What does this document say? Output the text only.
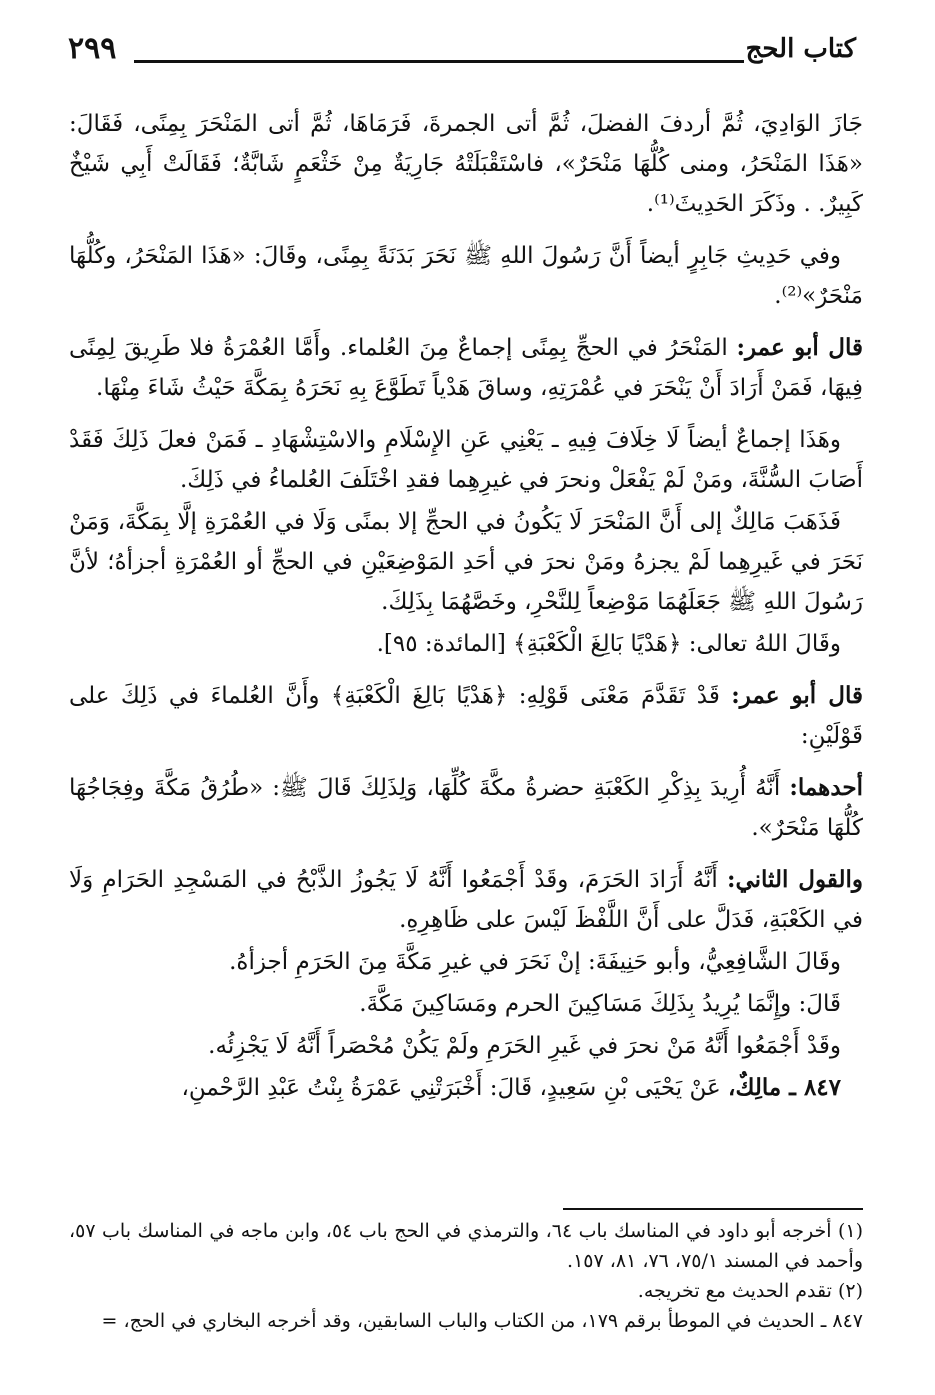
٢٩٩	كتاب الحج

جَازَ الوَادِيَ، ثُمَّ أردفَ الفضلَ، ثُمَّ أتى الجمرةَ، فَرَمَاهَا، ثُمَّ أتى المَنْحَرَ بِمِنًى، فَقَالَ: «هَذَا المَنْحَرُ، ومنى كُلُّهَا مَنْحَرٌ»، فاسْتَقْبَلَتْهُ جَارِيَةٌ مِنْ خَثْعَمٍ شَابَّةٌ؛ فَقَالَتْ أَبِي شَيْخٌ كَبِيرٌ. . وذَكَرَ الحَدِيثَ⁽¹⁾.

وفي حَدِيثِ جَابِرٍ أيضاً أَنَّ رَسُولَ اللهِ ﷺ نَحَرَ بَدَنَةً بِمِنًى، وقَالَ: «هَذَا المَنْحَرُ، وكُلُّهَا مَنْحَرٌ»⁽²⁾.

قال أبو عمر: المَنْحَرُ في الحجِّ بِمِنًى إجماعٌ مِنَ العُلماء. وأَمَّا العُمْرَةُ فلا طَرِيقَ لِمِنًى فِيهَا، فَمَنْ أَرَادَ أَنْ يَنْحَرَ في عُمْرَتِهِ، وساقَ هَدْياً تَطَوَّعَ بِهِ نَحَرَهُ بِمَكَّةَ حَيْثُ شَاءَ مِنْهَا.

وهَذَا إجماعٌ أيضاً لَا خِلَافَ فِيهِ ـ يَعْنِي عَنِ الإِسْلَامِ والاسْتِشْهَادِ ـ فَمَنْ فعلَ ذَلِكَ فَقَدْ أَصَابَ السُّنَّةَ، ومَنْ لَمْ يَفْعَلْ ونحرَ في غيرِهِما فقدِ اخْتَلَفَ العُلماءُ في ذَلِكَ.

فَذَهَبَ مَالِكٌ إلى أَنَّ المَنْحَرَ لَا يَكُونُ في الحجِّ إلا بمنًى وَلَا في العُمْرَةِ إلَّا بِمَكَّةَ، وَمَنْ نَحَرَ في غَيرِهِما لَمْ يجزهُ ومَنْ نحرَ في أحَدِ المَوْضِعَيْنِ في الحجِّ أو العُمْرَةِ أجزأهُ؛ لأنَّ رَسُولَ اللهِ ﷺ جَعَلَهُمَا مَوْضِعاً لِلنَّحْرِ، وخَصَّهُمَا بِذَلِكَ.

وقَالَ اللهُ تعالى: ﴿هَدْيًا بَالِغَ الْكَعْبَةِ﴾ [المائدة: ٩٥].

قال أبو عمر: قَدْ تَقَدَّمَ مَعْنَى قَوْلِهِ: ﴿هَدْيًا بَالِغَ الْكَعْبَةِ﴾ وأَنَّ العُلماءَ في ذَلِكَ على قَوْلَيْنِ:

أحدهما: أَنَّهُ أُرِيدَ بِذِكْرِ الكَعْبَةِ حضرةُ مكَّةَ كُلِّهَا، وَلِذَلِكَ قَالَ ﷺ: «طُرُقُ مَكَّةَ وفِجَاجُهَا كُلُّهَا مَنْحَرٌ».

والقول الثاني: أَنَّهُ أَرَادَ الحَرَمَ، وقَدْ أَجْمَعُوا أَنَّهُ لَا يَجُوزُ الذَّبْحُ في المَسْجِدِ الحَرَامِ وَلَا في الكَعْبَةِ، فَدَلَّ على أَنَّ اللَّفْظَ لَيْسَ على ظَاهِرِهِ.

وقَالَ الشَّافِعِيُّ، وأبو حَنِيفَةَ: إنْ نَحَرَ في غيرِ مَكَّةَ مِنَ الحَرَمِ أجزأهُ.

قَالَ: وإِنَّمَا يُرِيدُ بِذَلِكَ مَسَاكِينَ الحرم ومَسَاكِينَ مَكَّةَ.

وقَدْ أَجْمَعُوا أَنَّهُ مَنْ نحرَ في غَيرِ الحَرَمِ ولَمْ يَكُنْ مُحْصَراً أَنَّهُ لَا يَجْزِئُه.

٨٤٧ ـ مالِكٌ، عَنْ يَحْيَى بْنِ سَعِيدٍ، قَالَ: أَخْبَرَتْنِي عَمْرَةُ بِنْتُ عَبْدِ الرَّحْمنِ،

(١) أخرجه أبو داود في المناسك باب ٦٤، والترمذي في الحج باب ٥٤، وابن ماجه في المناسك باب ٥٧، وأحمد في المسند ٧٥/١، ٧٦، ٨١، ١٥٧.

(٢) تقدم الحديث مع تخريجه.

٨٤٧ ـ الحديث في الموطأ برقم ١٧٩، من الكتاب والباب السابقين، وقد أخرجه البخاري في الحج، =
